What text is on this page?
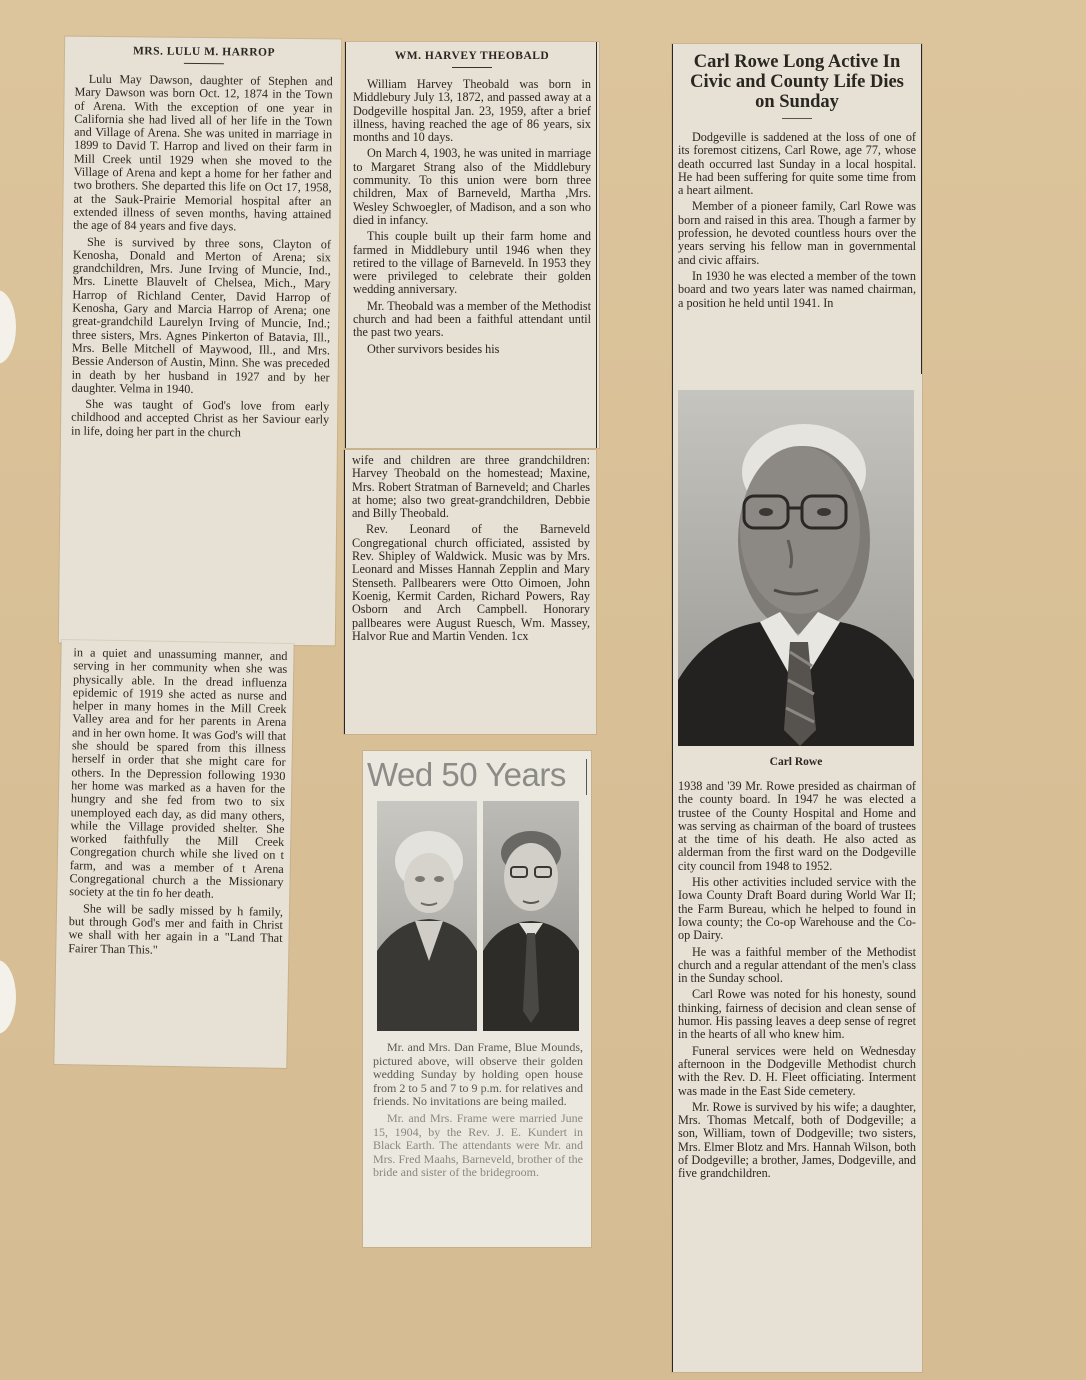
MRS. LULU M. HARROP

Lulu May Dawson, daughter of Stephen and Mary Dawson was born Oct. 12, 1874 in the Town of Arena. With the exception of one year in California she had lived all of her life in the Town and Village of Arena. She was united in marriage in 1899 to David T. Harrop and lived on their farm in Mill Creek until 1929 when she moved to the Village of Arena and kept a home for her father and two brothers. She departed this life on Oct 17, 1958, at the Sauk-Prairie Memorial hospital after an extended illness of seven months, having attained the age of 84 years and five days.

She is survived by three sons, Clayton of Kenosha, Donald and Merton of Arena; six grandchildren, Mrs. June Irving of Muncie, Ind., Mrs. Linette Blauvelt of Chelsea, Mich., Mary Harrop of Richland Center, David Harrop of Kenosha, Gary and Marcia Harrop of Arena; one great-grandchild Laurelyn Irving of Muncie, Ind.; three sisters, Mrs. Agnes Pinkerton of Batavia, Ill., Mrs. Belle Mitchell of Maywood, Ill., and Mrs. Bessie Anderson of Austin, Minn. She was preceded in death by her husband in 1927 and by her daughter. Velma in 1940.

She was taught of God's love from early childhood and accepted Christ as her Saviour early in life, doing her part in the church

in a quiet and unassuming manner, and serving in her community when she was physically able. In the dread influenza epidemic of 1919 she acted as nurse and helper in many homes in the Mill Creek Valley area and for her parents in Arena and in her own home. It was God's will that she should be spared from this illness herself in order that she might care for others. In the Depression following 1930 her home was marked as a haven for the hungry and she fed from two to six unemployed each day, as did many others, while the Village provided shelter. She worked faithfully the Mill Creek Congregation church while she lived on t farm, and was a member of t Arena Congregational church a the Missionary society at the tin fo her death.

She will be sadly missed by h family, but through God's mer and faith in Christ we shall with her again in a "Land That Fairer Than This."

WM. HARVEY THEOBALD

William Harvey Theobald was born in Middlebury July 13, 1872, and passed away at a Dodgeville hospital Jan. 23, 1959, after a brief illness, having reached the age of 86 years, six months and 10 days.

On March 4, 1903, he was united in marriage to Margaret Strang also of the Middlebury community. To this union were born three children, Max of Barneveld, Martha ,Mrs. Wesley Schwoegler, of Madison, and a son who died in infancy.

This couple built up their farm home and farmed in Middlebury until 1946 when they retired to the village of Barneveld. In 1953 they were privileged to celebrate their golden wedding anniversary.

Mr. Theobald was a member of the Methodist church and had been a faithful attendant until the past two years.

Other survivors besides his

wife and children are three grandchildren: Harvey Theobald on the homestead; Maxine, Mrs. Robert Stratman of Barneveld; and Charles at home; also two great-grandchildren, Debbie and Billy Theobald.

Rev. Leonard of the Barneveld Congregational church officiated, assisted by Rev. Shipley of Waldwick. Music was by Mrs. Leonard and Misses Hannah Zepplin and Mary Stenseth. Pallbearers were Otto Oimoen, John Koenig, Kermit Carden, Richard Powers, Ray Osborn and Arch Campbell. Honorary pallbeares were August Ruesch, Wm. Massey, Halvor Rue and Martin Venden. 1cx

Wed 50 Years

Mr. and Mrs. Dan Frame, Blue Mounds, pictured above, will observe their golden wedding Sunday by holding open house from 2 to 5 and 7 to 9 p.m. for relatives and friends. No invitations are being mailed.

Mr. and Mrs. Frame were married June 15, 1904, by the Rev. J. E. Kundert in Black Earth. The attendants were Mr. and Mrs. Fred Maahs, Barneveld, brother of the bride and sister of the bridegroom.

Carl Rowe Long Active In Civic and County Life Dies on Sunday

Dodgeville is saddened at the loss of one of its foremost citizens, Carl Rowe, age 77, whose death occurred last Sunday in a local hospital. He had been suffering for quite some time from a heart ailment.

Member of a pioneer family, Carl Rowe was born and raised in this area. Though a farmer by profession, he devoted countless hours over the years serving his fellow man in governmental and civic affairs.

In 1930 he was elected a member of the town board and two years later was named chairman, a position he held until 1941. In

Carl Rowe

1938 and '39 Mr. Rowe presided as chairman of the county board. In 1947 he was elected a trustee of the County Hospital and Home and was serving as chairman of the board of trustees at the time of his death. He also acted as alderman from the first ward on the Dodgeville city council from 1948 to 1952.

His other activities included service with the Iowa County Draft Board during World War II; the Farm Bureau, which he helped to found in Iowa county; the Co-op Warehouse and the Co-op Dairy.

He was a faithful member of the Methodist church and a regular attendant of the men's class in the Sunday school.

Carl Rowe was noted for his honesty, sound thinking, fairness of decision and clean sense of humor. His passing leaves a deep sense of regret in the hearts of all who knew him.

Funeral services were held on Wednesday afternoon in the Dodgeville Methodist church with the Rev. D. H. Fleet officiating. Interment was made in the East Side cemetery.

Mr. Rowe is survived by his wife; a daughter, Mrs. Thomas Metcalf, both of Dodgeville; a son, William, town of Dodgeville; two sisters, Mrs. Elmer Blotz and Mrs. Hannah Wilson, both of Dodgeville; a brother, James, Dodgeville, and five grandchildren.
